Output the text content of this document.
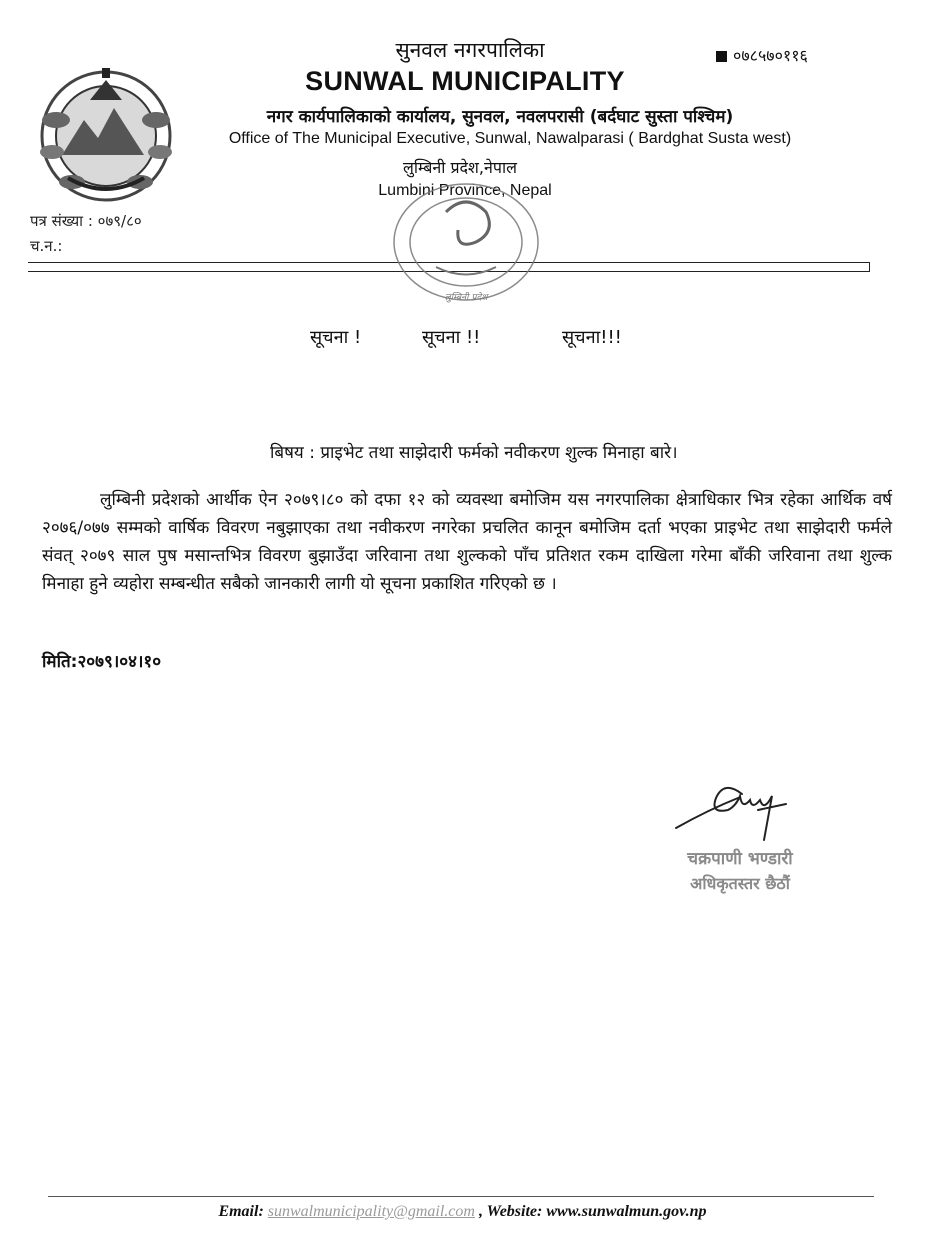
सुनवल नगरपालिका
SUNWAL MUNICIPALITY
नगर कार्यपालिकाको कार्यालय, सुनवल, नवलपरासी (बर्दघाट सुस्ता पश्चिम)
Office of The Municipal Executive, Sunwal, Nawalparasi ( Bardghat Susta west)
लुम्बिनी प्रदेश,नेपाल
Lumbini Province, Nepal
०७८५७०११६
पत्र संख्या : ०७९/८०
च.न.:
लुम्बिनी प्रदेश
सूचना !	सूचना !!	सूचना!!!
बिषय : प्राइभेट तथा साझेदारी फर्मको नवीकरण शुल्क मिनाहा बारे।
लुम्बिनी प्रदेशको आर्थीक ऐन २०७९।८० को दफा १२ को व्यवस्था बमोजिम यस नगरपालिका क्षेत्राधिकार भित्र रहेका आर्थिक वर्ष २०७६/०७७ सम्मको वार्षिक विवरण नबुझाएका तथा नवीकरण नगरेका प्रचलित कानून बमोजिम दर्ता भएका प्राइभेट तथा साझेदारी फर्मले संवत् २०७९ साल पुष मसान्तभित्र विवरण बुझाउँदा जरिवाना तथा शुल्कको पाँच प्रतिशत रकम दाखिला गरेमा बाँकी जरिवाना तथा शुल्क मिनाहा हुने व्यहोरा सम्बन्धीत सबैको जानकारी लागी यो सूचना प्रकाशित गरिएको छ ।
मिति:२०७९।०४।१०
चक्रपाणी भण्डारी
अधिकृतस्तर छैठौं
Email: sunwalmunicipality@gmail.com , Website: www.sunwalmun.gov.np
